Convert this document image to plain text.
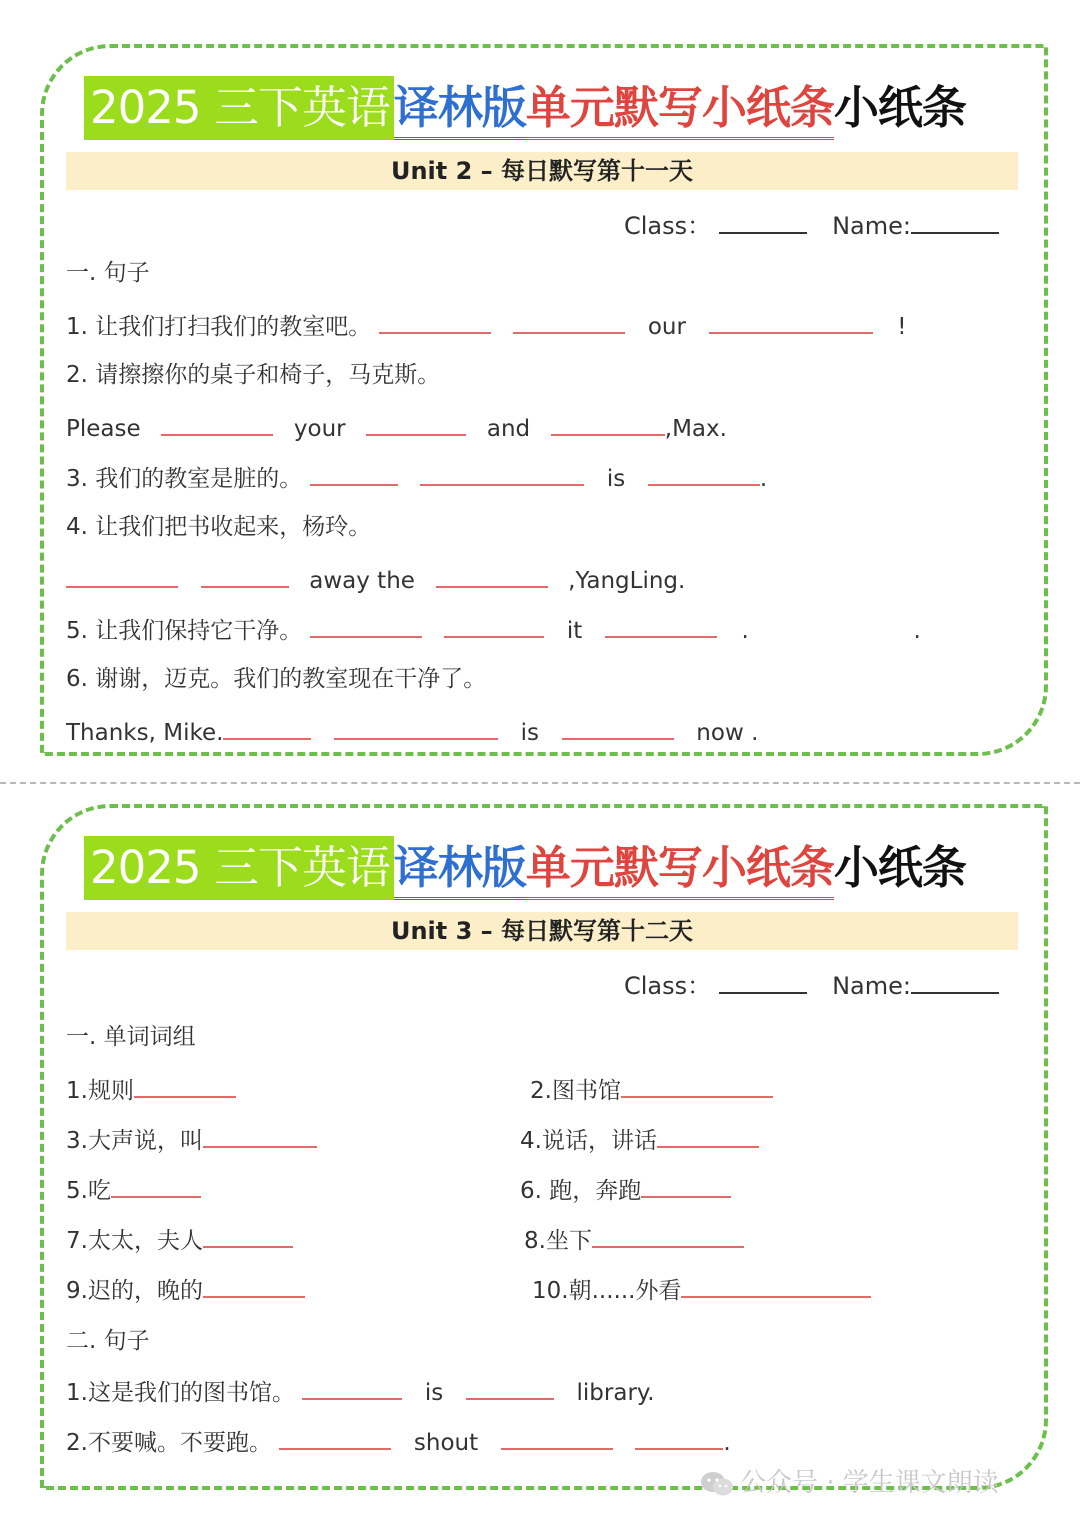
2025 三下英语 译林版 单元默写小纸条 小纸条
Unit 2 – 每日默写第十一天
Class：	Name:
一. 句子
1. 让我们打扫我们的教室吧。	our	!
2. 请擦擦你的桌子和椅子，马克斯。
Please	your	and	,Max.
3. 我们的教室是脏的。	is	.
4. 让我们把书收起来，杨玲。
away the	,YangLing.
5. 让我们保持它干净。	it	.	.
6. 谢谢，迈克。我们的教室现在干净了。
Thanks, Mike.	is	now .
2025 三下英语 译林版 单元默写小纸条 小纸条
Unit 3 – 每日默写第十二天
Class：	Name:
一. 单词词组
1.规则	2.图书馆
3.大声说，叫	4.说话，讲话
5.吃	6. 跑，奔跑
7.太太，夫人	8.坐下
9.迟的，晚的	10.朝......外看
二. 句子
1.这是我们的图书馆。	is	library.
2.不要喊。不要跑。	shout	.
公众号 · 学生课文朗读
